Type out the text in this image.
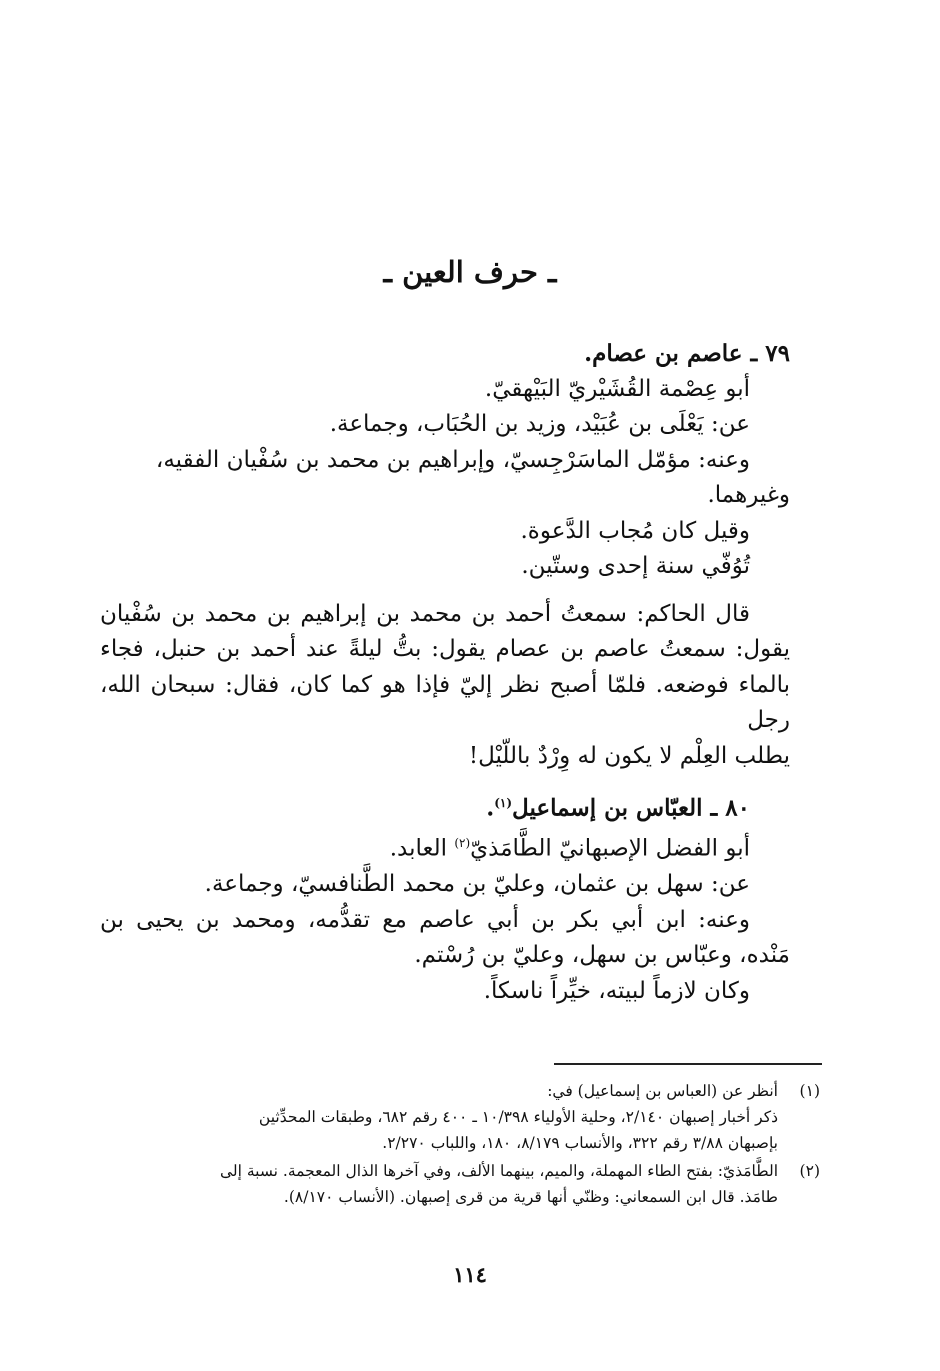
ـ حرف العين ـ
٧٩ ـ عاصم بن عصام.
أبو عِصْمة القُشَيْريّ البَيْهقيّ.
عن: يَعْلَى بن عُبَيْد، وزيد بن الحُبَاب، وجماعة.
وعنه: مؤمّل الماسَرْجِسيّ، وإبراهيم بن محمد بن سُفْيان الفقيه،
وغيرهما.
وقيل كان مُجاب الدَّعوة.
تُوُفّي سنة إحدى وستّين.
قال الحاكم: سمعتُ أحمد بن محمد بن إبراهيم بن محمد بن سُفْيان
يقول: سمعتُ عاصم بن عصام يقول: بتُّ ليلةً عند أحمد بن حنبل، فجاء
بالماء فوضعه. فلمّا أصبح نظر إليّ فإذا هو كما كان، فقال: سبحان الله، رجل
يطلب العِلْم لا يكون له وِرْدٌ باللّيْل!
٨٠ ـ العبّاس بن إسماعيل$^{(١)}$.
أبو الفضل الإصبهانيّ الطَّامَذيّ$^{(٢)}$ العابد.
عن: سهل بن عثمان، وعليّ بن محمد الطَّنافسيّ، وجماعة.
وعنه: ابن أبي بكر بن أبي عاصم مع تقدُّمه، ومحمد بن يحيى بن
مَنْده، وعبّاس بن سهل، وعليّ بن رُسْتم.
وكان لازماً لبيته، خيِّراً ناسكاً.
(١)
أنظر عن (العباس بن إسماعيل) في:
ذكر أخبار إصبهان ٢/١٤٠، وحلية الأولياء ١٠/٣٩٨ ـ ٤٠٠ رقم ٦٨٢، وطبقات المحدِّثين
بإصبهان ٣/٨٨ رقم ٣٢٢، والأنساب ٨/١٧٩، ١٨٠، واللباب ٢/٢٧٠.
(٢)
الطَّامَذيّ: بفتح الطاء المهملة، والميم، بينهما الألف، وفي آخرها الذال المعجمة. نسبة إلى
طامَذ. قال ابن السمعاني: وظنّي أنها قرية من قرى إصبهان. (الأنساب ٨/١٧٠).
١١٤
